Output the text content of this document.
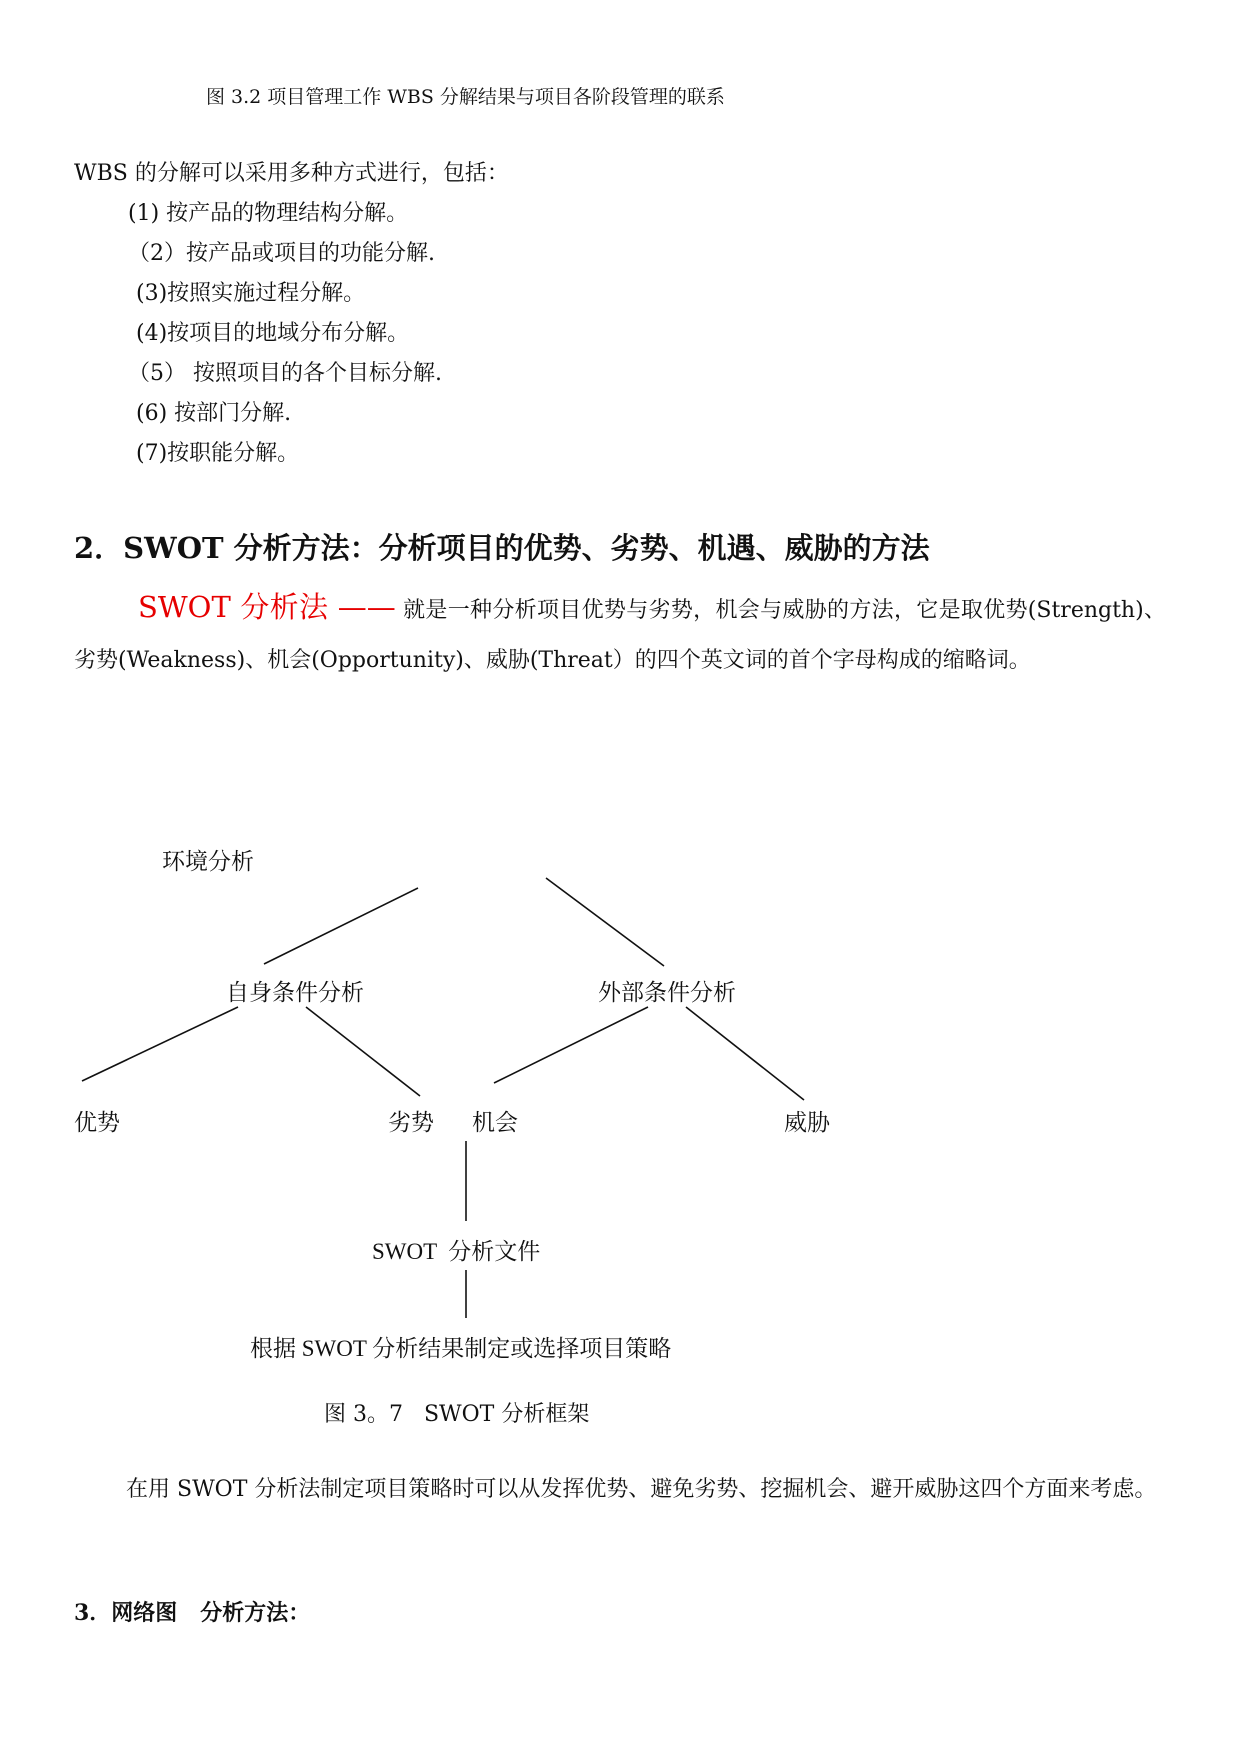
图 3.2 项目管理工作 WBS 分解结果与项目各阶段管理的联系
WBS 的分解可以采用多种方式进行，包括：
(1) 按产品的物理结构分解。
（2）按产品或项目的功能分解.
(3)按照实施过程分解。
(4)按项目的地域分布分解。
（5） 按照项目的各个目标分解.
(6) 按部门分解.
(7)按职能分解。
2．SWOT 分析方法：分析项目的优势、劣势、机遇、威胁的方法
SWOT 分析法 —— 就是一种分析项目优势与劣势，机会与威胁的方法，它是取优势(Strength)、劣势(Weakness)、机会(Opportunity)、威胁(Threat）的四个英文词的首个字母构成的缩略词。
环境分析
自身条件分析	外部条件分析
优势	劣势 机会	威胁
SWOT  分析文件
根据 SWOT 分析结果制定或选择项目策略
图 3。7   SWOT 分析框架
在用 SWOT 分析法制定项目策略时可以从发挥优势、避免劣势、挖掘机会、避开威胁这四个方面来考虑。
3．网络图   分析方法：
